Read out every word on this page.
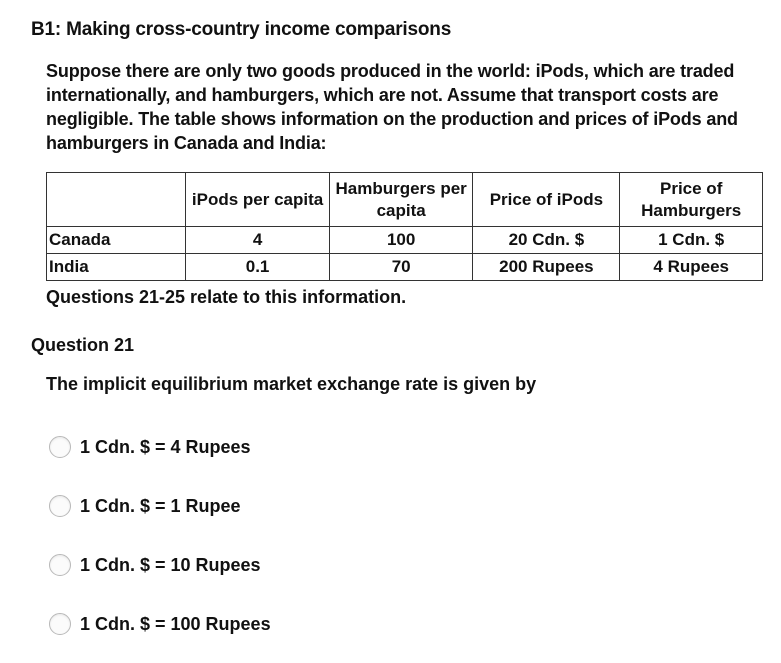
B1: Making cross-country income comparisons
Suppose there are only two goods produced in the world: iPods, which are traded internationally, and hamburgers, which are not. Assume that transport costs are negligible. The table shows information on the production and prices of iPods and hamburgers in Canada and India:
	iPods per capita	Hamburgers per capita	Price of iPods	Price of Hamburgers
Canada	4	100	20 Cdn. $	1 Cdn. $
India	0.1	70	200 Rupees	4 Rupees
Questions 21-25 relate to this information.
Question 21
The implicit equilibrium market exchange rate is given by
1 Cdn. $ = 4 Rupees
1 Cdn. $ = 1 Rupee
1 Cdn. $ = 10 Rupees
1 Cdn. $ = 100 Rupees
